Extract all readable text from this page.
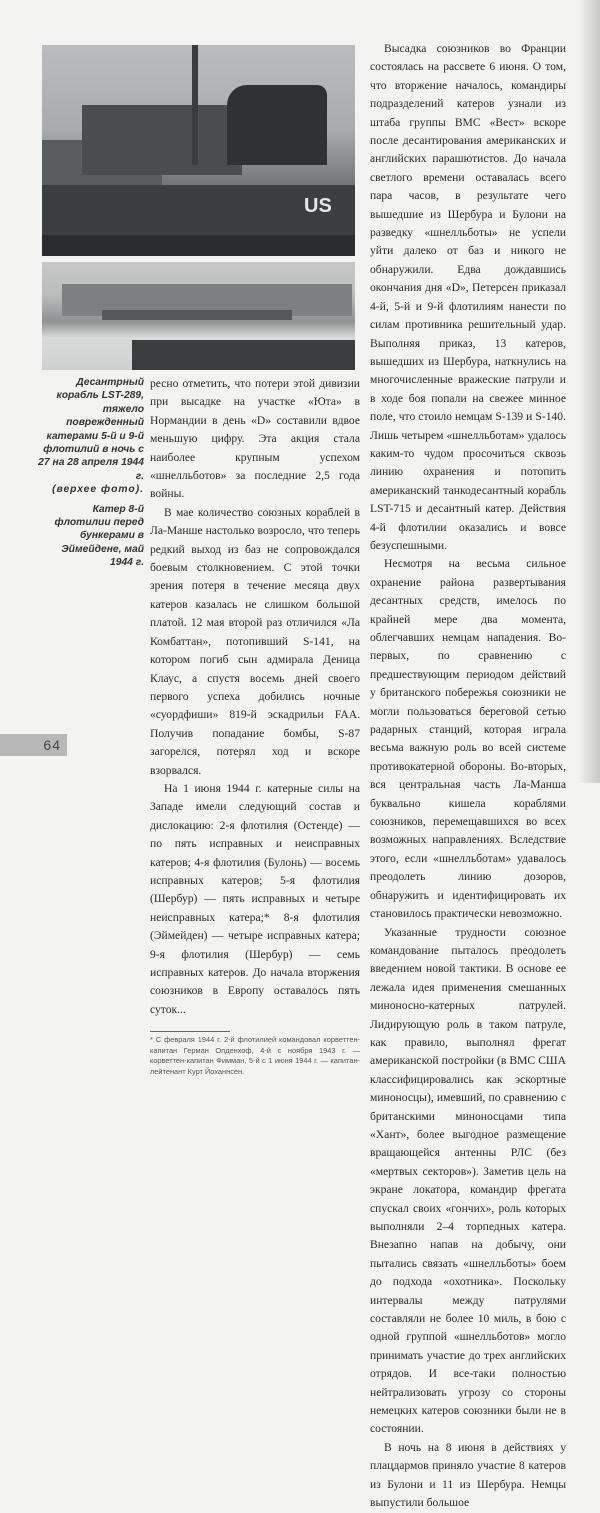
US

Десантрный корабль LST-289, тяжело поврежденный катерами 5-й и 9-й флотилий в ночь с 27 на 28 апреля 1944 г.
(верхее фото).

Катер 8-й флотилии перед бункерами в Эймейдене, май 1944 г.

ресно отметить, что потери этой дивизии при высадке на участке «Юта» в Нормандии в день «D» составили вдвое меньшую цифру. Эта акция стала наиболее крупным успехом «шнелльботов» за последние 2,5 года войны.

В мае количество союзных кораблей в Ла-Манше настолько возросло, что теперь редкий выход из баз не сопровождался боевым столкновением. С этой точки зрения потеря в течение месяца двух катеров казалась не слишком большой платой. 12 мая второй раз отличился «Ла Комбаттан», потопивший S-141, на котором погиб сын адмирала Деница Клаус, а спустя восемь дней своего первого успеха добились ночные «суордфиши» 819-й эскадрильи FAA. Получив попадание бомбы, S-87 загорелся, потерял ход и вскоре взорвался.

На 1 июня 1944 г. катерные силы на Западе имели следующий состав и дислокацию: 2-я флотилия (Остенде) — по пять исправных и неисправных катеров; 4-я флотилия (Булонь) — восемь исправных катеров; 5-я флотилия (Шербур) — пять исправных и четыре неисправных катера;* 8-я флотилия (Эймейден) — четыре исправных катера; 9-я флотилия (Шербур) — семь исправных катеров. До начала вторжения союзников в Европу оставалось пять суток...

* С февраля 1944 г. 2-й флотилией командовал корветтен-капитан Герман Опденхоф, 4-й с ноября 1943 г. — корветтен-капитан Фимман, 5-й с 1 июня 1944 г. — капитан-лейтенант Курт Йоханнсен.

Высадка союзников во Франции состоялась на рассвете 6 июня. О том, что вторжение началось, командиры подразделений катеров узнали из штаба группы ВМС «Вест» вскоре после десантирования американских и английских парашютистов. До начала светлого времени оставалась всего пара часов, в результате чего вышедшие из Шербура и Булони на разведку «шнелльботы» не успели уйти далеко от баз и никого не обнаружили. Едва дождавшись окончания дня «D», Петерсен приказал 4-й, 5-й и 9-й флотилиям нанести по силам противника решительный удар. Выполняя приказ, 13 катеров, вышедших из Шербура, наткнулись на многочисленные вражеские патрули и в ходе боя попали на свежее минное поле, что стоило немцам S-139 и S-140. Лишь четырем «шнелльботам» удалось каким-то чудом просочиться сквозь линию охранения и потопить американский танкодесантный корабль LST-715 и десантный катер. Действия 4-й флотилии оказались и вовсе безуспешными.

Несмотря на весьма сильное охранение района развертывания десантных средств, имелось по крайней мере два момента, облегчавших немцам нападения. Во-первых, по сравнению с предшествующим периодом действий у британского побережья союзники не могли пользоваться береговой сетью радарных станций, которая играла весьма важную роль во всей системе противокатерной обороны. Во-вторых, вся центральная часть Ла-Манша буквально кишела кораблями союзников, перемещавшихся во всех возможных направлениях. Вследствие этого, если «шнелльботам» удавалось преодолеть линию дозоров, обнаружить и идентифицировать их становилось практически невозможно.

Указанные трудности союзное командование пыталось преодолеть введением новой тактики. В основе ее лежала идея применения смешанных миноносно-катерных патрулей. Лидирующую роль в таком патруле, как правило, выполнял фрегат американской постройки (в ВМС США классифицировались как эскортные миноносцы), имевший, по сравнению с британскими миноносцами типа «Хант», более выгодное размещение вращающейся антенны РЛС (без «мертвых секторов»). Заметив цель на экране локатора, командир фрегата спускал своих «гончих», роль которых выполняли 2–4 торпедных катера. Внезапно напав на добычу, они пытались связать «шнелльботы» боем до подхода «охотника». Поскольку интервалы между патрулями составляли не более 10 миль, в бою с одной группой «шнелльботов» могло принимать участие до трех английских отрядов. И все-таки полностью нейтрализовать угрозу со стороны немецких катеров союзники были не в состоянии.

В ночь на 8 июня в действиях у плацдармов приняло участие 8 катеров из Булони и 11 из Шербура. Немцы выпустили большое

64
